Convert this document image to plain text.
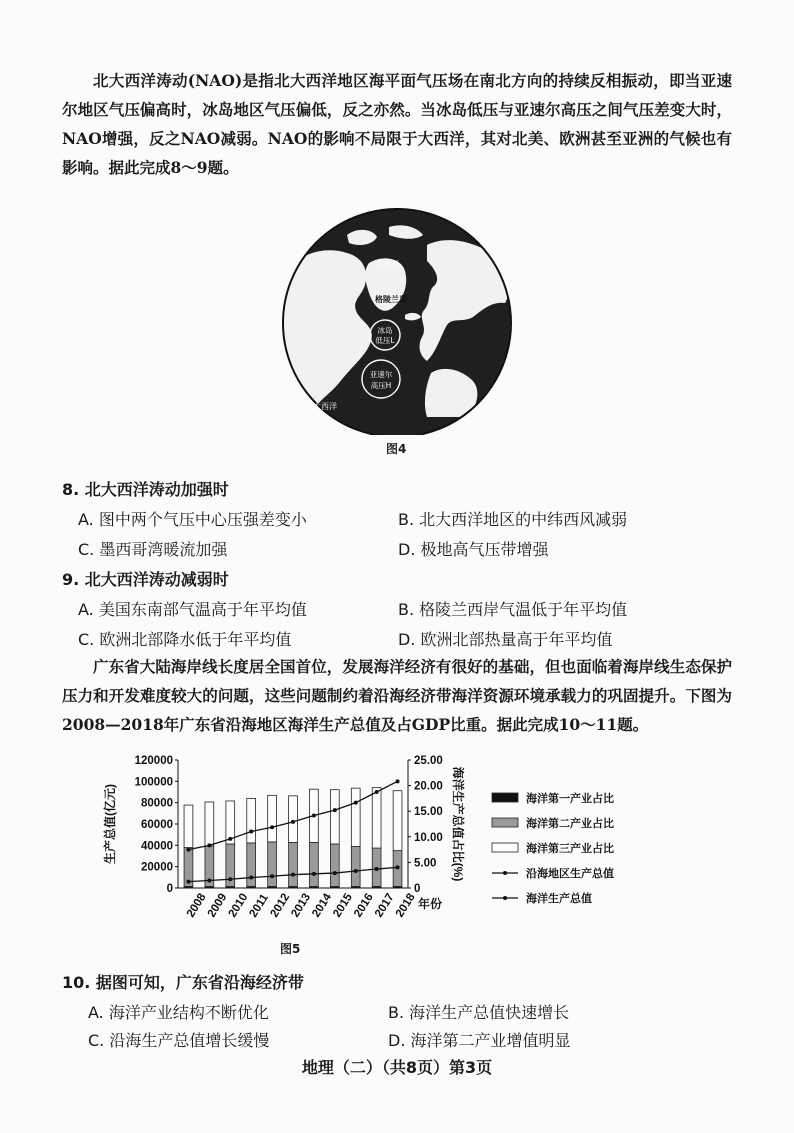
北大西洋涛动(NAO)是指北大西洋地区海平面气压场在南北方向的持续反相振动，即当亚速尔地区气压偏高时，冰岛地区气压偏低，反之亦然。当冰岛低压与亚速尔高压之间气压差变大时，NAO增强，反之NAO减弱。NAO的影响不局限于大西洋，其对北美、欧洲甚至亚洲的气候也有影响。据此完成8～9题。
北冰洋
格陵兰岛
冰岛
低压L
亚速尔
高压H
大西洋
图4
8. 北大西洋涛动加强时
A. 图中两个气压中心压强差变小	B. 北大西洋地区的中纬西风减弱
C. 墨西哥湾暖流加强	D. 极地高气压带增强
9. 北大西洋涛动减弱时
A. 美国东南部气温高于年平均值	B. 格陵兰西岸气温低于年平均值
C. 欧洲北部降水低于年平均值	D. 欧洲北部热量高于年平均值
广东省大陆海岸线长度居全国首位，发展海洋经济有很好的基础，但也面临着海岸线生态保护压力和开发难度较大的问题，这些问题制约着沿海经济带海洋资源环境承载力的巩固提升。下图为2008—2018年广东省沿海地区海洋生产总值及占GDP比重。据此完成10～11题。
0
20000
40000
60000
80000
100000
120000
0
5.00
10.00
15.00
20.00
25.00
生产总值(亿元)	海洋生产总值占比(%)
2008
2009
2010
2011
2012
2013
2014
2015
2016
2017
2018 年份
海洋第一产业占比
海洋第二产业占比
海洋第三产业占比
沿海地区生产总值
海洋生产总值
图5
10. 据图可知，广东省沿海经济带
A. 海洋产业结构不断优化	B. 海洋生产总值快速增长
C. 沿海生产总值增长缓慢	D. 海洋第二产业增值明显
地理（二）（共8页）第3页
